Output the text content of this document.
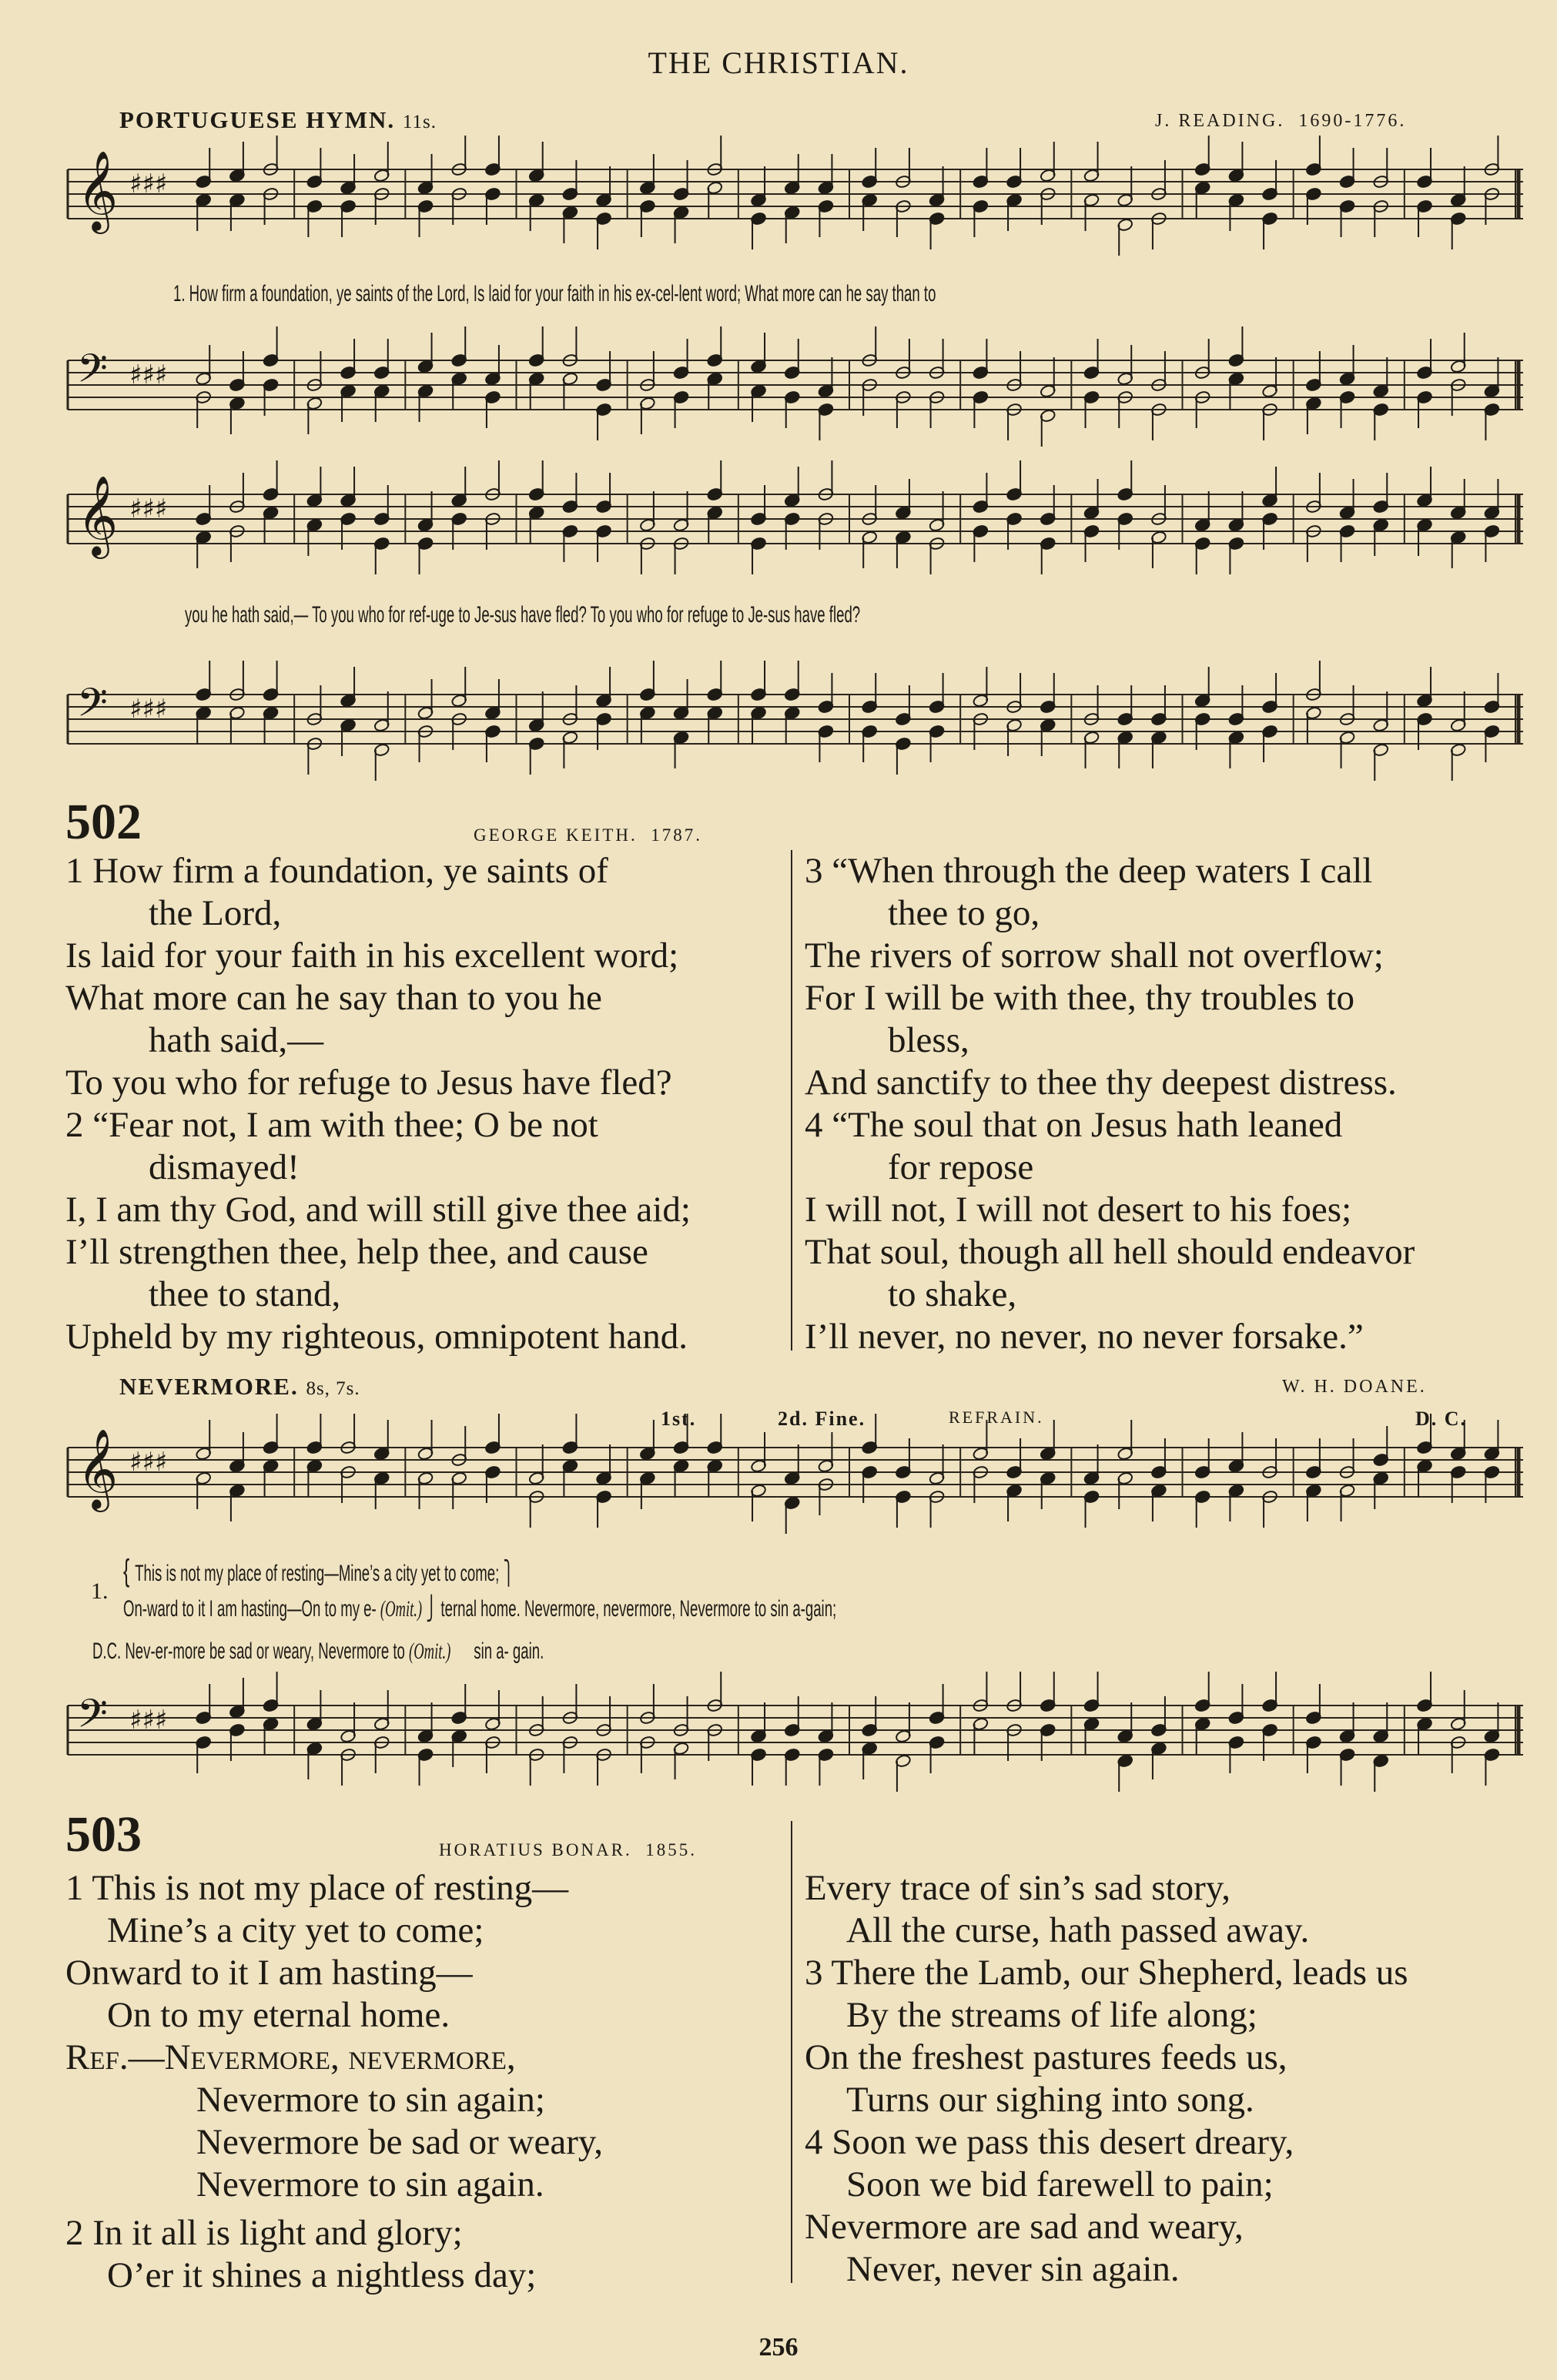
THE CHRISTIAN.
PORTUGUESE HYMN. 11s.	J. READING. 1690-1776.
𝄞 ♯♯♯
1. How firm a foundation, ye saints of the Lord, Is laid for your faith in his ex-cel-lent word; What more can he say than to
𝄢 ♯♯♯
𝄞 ♯♯♯
you he hath said,— To you who for ref-uge to Je-sus have fled? To you who for refuge to Je-sus have fled?
𝄢 ♯♯♯
502	GEORGE KEITH. 1787.
1 How firm a foundation, ye saints of
the Lord,
Is laid for your faith in his excellent word;
What more can he say than to you he
hath said,—
To you who for refuge to Jesus have fled?
2 “Fear not, I am with thee; O be not
dismayed!
I, I am thy God, and will still give thee aid;
I’ll strengthen thee, help thee, and cause
thee to stand,
Upheld by my righteous, omnipotent hand.
3 “When through the deep waters I call
thee to go,
The rivers of sorrow shall not overflow;
For I will be with thee, thy troubles to
bless,
And sanctify to thee thy deepest distress.
4 “The soul that on Jesus hath leaned
for repose
I will not, I will not desert to his foes;
That soul, though all hell should endeavor
to shake,
I’ll never, no never, no never forsake.”
NEVERMORE. 8s, 7s.	W. H. DOANE.
1st.	2d. Fine.	REFRAIN.	D. C.
𝄞 ♯♯♯
1.
{ This is not my place of resting—Mine’s a city yet to come; ⎫
On-ward to it I am hasting—On to my e- (Omit.) ⎭ ternal home. Nevermore, nevermore, Nevermore to sin a-gain;
D.C. Nev-er-more be sad or weary, Nevermore to (Omit.) sin a- gain.
𝄢 ♯♯♯
503	HORATIUS BONAR. 1855.
1 This is not my place of resting—
Mine’s a city yet to come;
Onward to it I am hasting—
On to my eternal home.
Ref.—Nevermore, nevermore,
Nevermore to sin again;
Nevermore be sad or weary,
Nevermore to sin again.
2 In it all is light and glory;
O’er it shines a nightless day;
Every trace of sin’s sad story,
All the curse, hath passed away.
3 There the Lamb, our Shepherd, leads us
By the streams of life along;
On the freshest pastures feeds us,
Turns our sighing into song.
4 Soon we pass this desert dreary,
Soon we bid farewell to pain;
Nevermore are sad and weary,
Never, never sin again.
256
